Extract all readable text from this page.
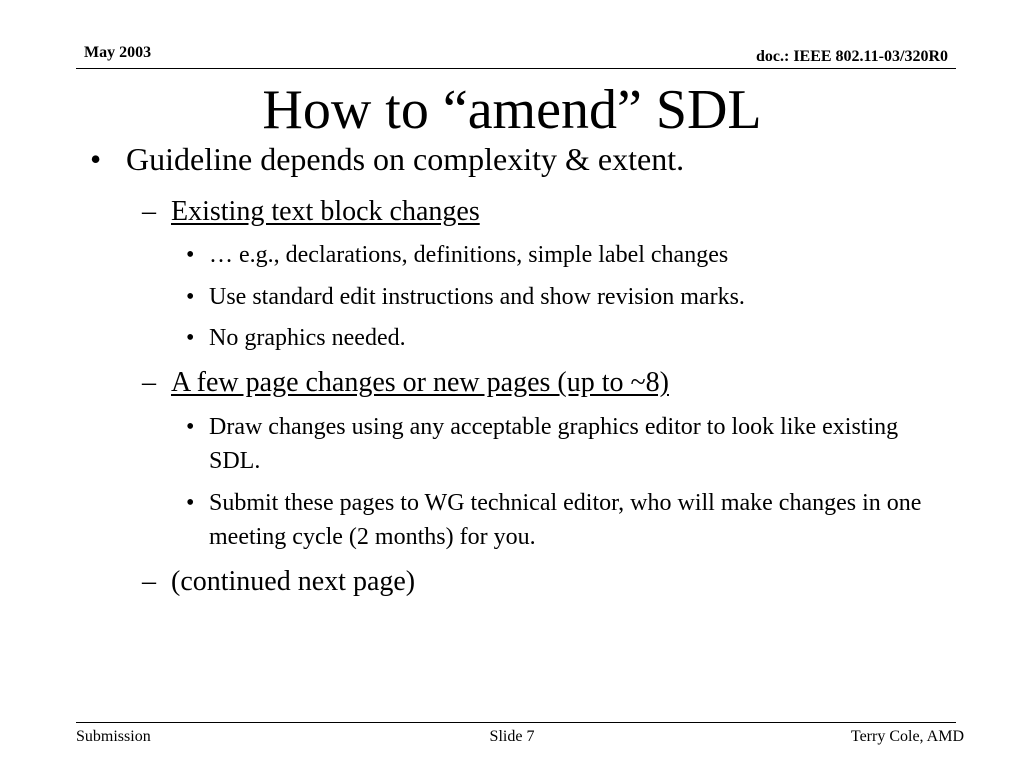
May 2003	doc.: IEEE 802.11-03/320R0
How to “amend” SDL
• Guideline depends on complexity & extent.
– Existing text block changes
• … e.g., declarations, definitions, simple label changes
• Use standard edit instructions and show revision marks.
• No graphics needed.
– A few page changes or new pages (up to ~8)
• Draw changes using any acceptable graphics editor to look like existing SDL.
• Submit these pages to WG technical editor, who will make changes in one meeting cycle (2 months) for you.
– (continued next page)
Submission	Slide 7	Terry Cole, AMD
